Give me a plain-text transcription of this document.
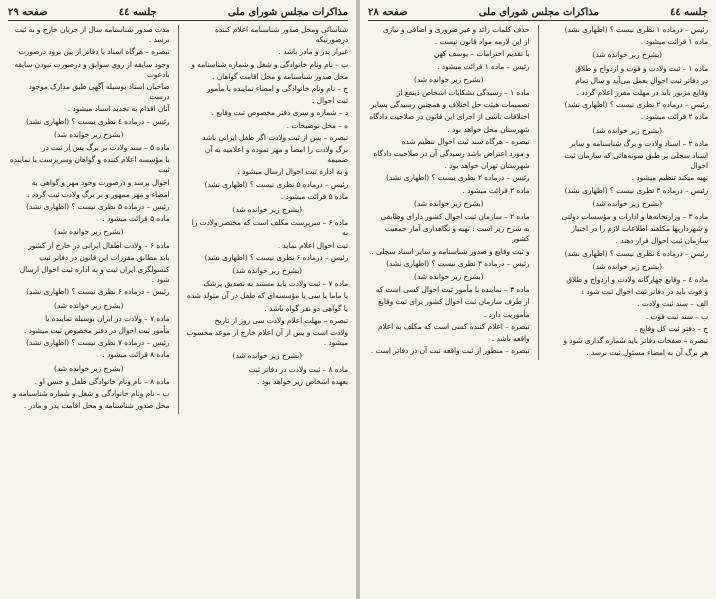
مذاکرات مجلس شورای ملی
جلسه ٤٤
صفحه ۲۹

شناسائی ومحل صدور شناسنامه اعلام کننده درصورتیکه

غیراز پدر و مادر باشد .

ب – نام ونام خانوادگی و شغل و شماره شناسنامه و

محل صدور شناسنامه و محل اقامت گواهان .

ج – نام ونام خانوادگی و امضاء نماینده یا مأمور

ثبت احوال .

د – شماره و سری دفتر مخصوص ثبت وقایع .

ه – محل توضیحات .

تبصره – پس از ثبت ولادت اگر طفل ایرانی باشد

برگ ولادت را امضا و مهر نموده و اعلامیه به آن ضمیمه

و به اداره ثبت احوال ارسال میشود .

رئیس – درماده ۵ نظری نیست ؟ (اظهاری نشد)

ماده ۵ قرائت میشود .

(بشرح زیر خوانده شد)

ماده ۶ – سرپرست مکلف است که مختصر ولادت را به

ثبت احوال اعلام نماید .

رئیس – درماده ۶ نظری نیست ؟ (اظهاری نشد)

(بشرح زیر خوانده شد)

ماده ۷ – ثبت ولادت باید مستند به تصدیق پزشک

یا ماما یا سی یا مؤسسه‌ای که طفل در آن متولد شده

یا گواهی دو نفر گواه باشد .

تبصره – مهلت اعلام ولادت سی روز از تاریخ

ولادت است و پس از آن اعلام خارج از موعد محسوب میشود .

(بشرح زیر خوانده شد)

ماده ۸ – ثبت ولادت در دفاتر ثبت

بعهده اشخاص زیر خواهد بود .

مدت صدور شناسنامه سال از جریان خارج و به ثبت برسد .

تبصره – هرگاه اسناد یا دفاتر از بین برود درصورت

وجود سابقه از روی سوابق و درصورت نبودن سابقه بادعوت

صاحبان اسناد بوسیله آگهی طبق مدارک موجود درست

آنان اقدام به تجدید اسناد میشود .

رئیس – درماده ٤ نظری نیست ؟ (اظهاری نشد)

(بشرح زیر خوانده شد)

ماده ۵ – سند ولادت بر برگ پس از ثبت در

یا مؤسسه اعلام کننده و گواهان وسرپرست یا نماینده ثبت

احوال برسد و درصورت وجود مهر و گواهی به

امضاء و مهر ممهور و بر برگ ولادت ثبت گردد .

رئیس – درماده ۵ نظری نیست ؟ (اظهاری نشد)

ماده ۵ قرائت میشود .

(بشرح زیر خوانده شد)

ماده ۶ – ولادت اطفال ایرانی در خارج از کشور

باید مطابق مقررات این قانون در دفاتر ثبت

کنسولگری ایران ثبت و به اداره ثبت احوال ارسال شود .

رئیس – درماده ۶ نظری نیست ؟ (اظهاری نشد)

(بشرح زیر خوانده شد)

ماده ۷ – ولادت در ایران بوسیله نماینده یا

مأمور ثبت احوال در دفتر مخصوص ثبت میشود .

رئیس – درماده ۷ نظری نیست ؟ (اظهاری نشد)

ماده ۸ قرائت میشود .

(بشرح زیر خوانده شد)

ماده ۸ – نام ونام خانوادگی طفل و جنس او .

ب – نام ونام خانوادگی و شغل و شماره شناسنامه و

محل صدور شناسنامه و محل اقامت پدر و مادر .

جلسه ٤٤
مذاکرات مجلس شورای ملی
صفحه ۲۸

رئیس – درماده ۱ نظری نیست ؟ (اظهاری نشد)

ماده ۱ قرائت میشود .

(بشرح زیر خوانده شد)

ماده ۱ – ثبت ولادت و فوت و ازدواج و طلاق

در دفاتر ثبت احوال بعمل می‌آید و سال تمام

وقایع مزبور باید در مهلت مقرر اعلام گردد .

رئیس – درماده ۲ نظری نیست ؟ (اظهاری نشد)

ماده ۲ قرائت میشود .

(بشرح زیر خوانده شد)

ماده ۲ – اسناد ولادت و برگ شناسنامه و سایر

اسناد سجلی بر طبق نمونه‌هائی که سازمان ثبت احوال

تهیه میکند تنظیم میشود .

رئیس – درماده ۳ نظری نیست ؟ (اظهاری نشد)

(بشرح زیر خوانده شد)

ماده ۳ – وزارتخانه‌ها و ادارات و مؤسسات دولتی

و شهرداریها مکلفند اطلاعات لازم را در اختیار

سازمان ثبت احوال قرار دهند .

رئیس – درماده ٤ نظری نیست ؟ (اظهاری نشد)

(بشرح زیر خوانده شد)

ماده ٤ – وقایع چهارگانه ولادت و ازدواج و طلاق

و فوت باید در دفاتر ثبت احوال ثبت شود :

الف – سند ثبت ولادت .

ب – سند ثبت فوت .

ج – دفتر ثبت کل وقایع .

تبصره – صفحات دفاتر باید شماره گذاری شود و

هر برگ آن به امضاء مسئول ثبت برسد .

حذف کلمات زائد و غیر ضروری و اضافی و نیازی

از این لازمه مواد قانون نیست .

با تقدیم احترامات – یوسف کهن

رئیس – ماده ۱ قرائت میشود .

(بشرح زیر خوانده شد)

ماده ۱ – رسیدگی بشکایات اشخاص ذینفع از

تصمیمات هیئت حل اختلاف و همچنین رسیدگی بسایر

اختلافات ناشی از اجرای این قانون در صلاحیت دادگاه

شهرستان محل خواهد بود .

تبصره – هرگاه سند ثبت احوال تنظیم شده

و مورد اعتراض باشد رسیدگی آن در صلاحیت دادگاه

شهرستان تهران خواهد بود .

رئیس – درماده ۲ نظری نیست ؟ (اظهاری نشد)

ماده ۲ قرائت میشود .

(بشرح زیر خوانده شد)

ماده ۲ – سازمان ثبت احوال کشور دارای وظایفی

به شرح زیر است : تهیه و نگاهداری آمار جمعیت کشور

و ثبت وقایع و صدور شناسنامه و سایر اسناد سجلی .

رئیس – درماده ۳ نظری نیست ؟ (اظهاری نشد)

(بشرح زیر خوانده شد)

ماده ۳ – نماینده یا مأمور ثبت احوال کسی است که

از طرف سازمان ثبت احوال کشور برای ثبت وقایع

مأموریت دارد .

تبصره – اعلام کننده کسی است که مکلف به اعلام

واقعه باشد .

تبصره – منظور از ثبت واقعه ثبت آن در دفاتر است .
